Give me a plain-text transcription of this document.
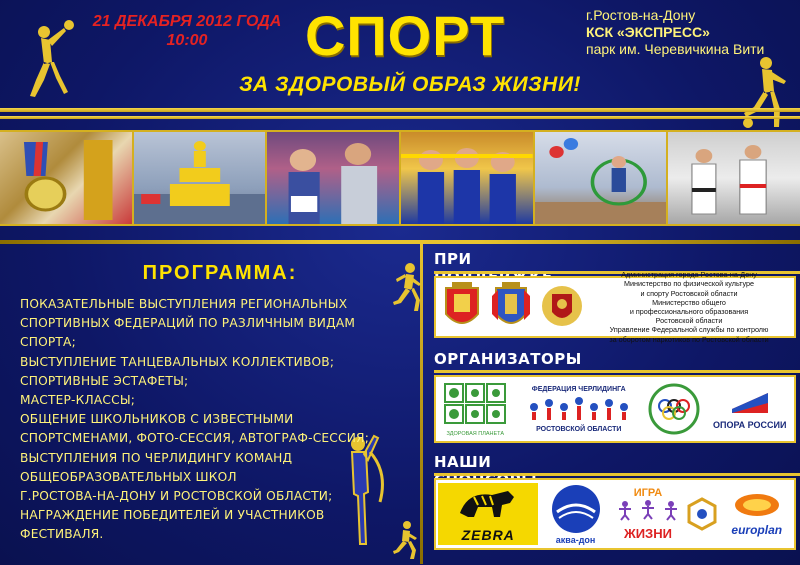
21 ДЕКАБРЯ 2012 ГОДА
10:00	СПОРТ
ЗА ЗДОРОВЫЙ ОБРАЗ ЖИЗНИ!
г.Ростов-на-Дону
КСК «ЭКСПРЕСС»
парк им. Черевичкина Вити
ПРОГРАММА:
ПОКАЗАТЕЛЬНЫЕ ВЫСТУПЛЕНИЯ РЕГИОНАЛЬНЫХ
СПОРТИВНЫХ ФЕДЕРАЦИЙ ПО РАЗЛИЧНЫМ ВИДАМ
СПОРТА;
ВЫСТУПЛЕНИЕ ТАНЦЕВАЛЬНЫХ КОЛЛЕКТИВОВ;
СПОРТИВНЫЕ ЭСТАФЕТЫ;
МАСТЕР-КЛАССЫ;
ОБЩЕНИЕ ШКОЛЬНИКОВ С ИЗВЕСТНЫМИ
СПОРТСМЕНАМИ, ФОТО-СЕССИЯ, АВТОГРАФ-СЕССИЯ;
ВЫСТУПЛЕНИЯ ПО ЧЕРЛИДИНГУ КОМАНД
ОБЩЕОБРАЗОВАТЕЛЬНЫХ ШКОЛ
Г.РОСТОВА-НА-ДОНУ И РОСТОВСКОЙ ОБЛАСТИ;
НАГРАЖДЕНИЕ ПОБЕДИТЕЛЕЙ И УЧАСТНИКОВ
ФЕСТИВАЛЯ.
ПРИ
Администрация города Ростова-на-Дону
Министерство по физической культуре
и спорту Ростовской области
Министерство общего
и профессионального образования
Ростовской области
Управление Федеральной службы по контролю
за оборотом наркотиков по Ростовской области
ОРГАНИЗАТОРЫ
ЗДОРОВАЯ ПЛАНЕТА
ФЕДЕРАЦИЯ ЧЕРЛИДИНГА
РОСТОВСКОЙ ОБЛАСТИ	ОПОРА РОССИИ
НАШИ
ZEBRA	аква-дон
ИГРА
ЖИЗНИ	europlan
